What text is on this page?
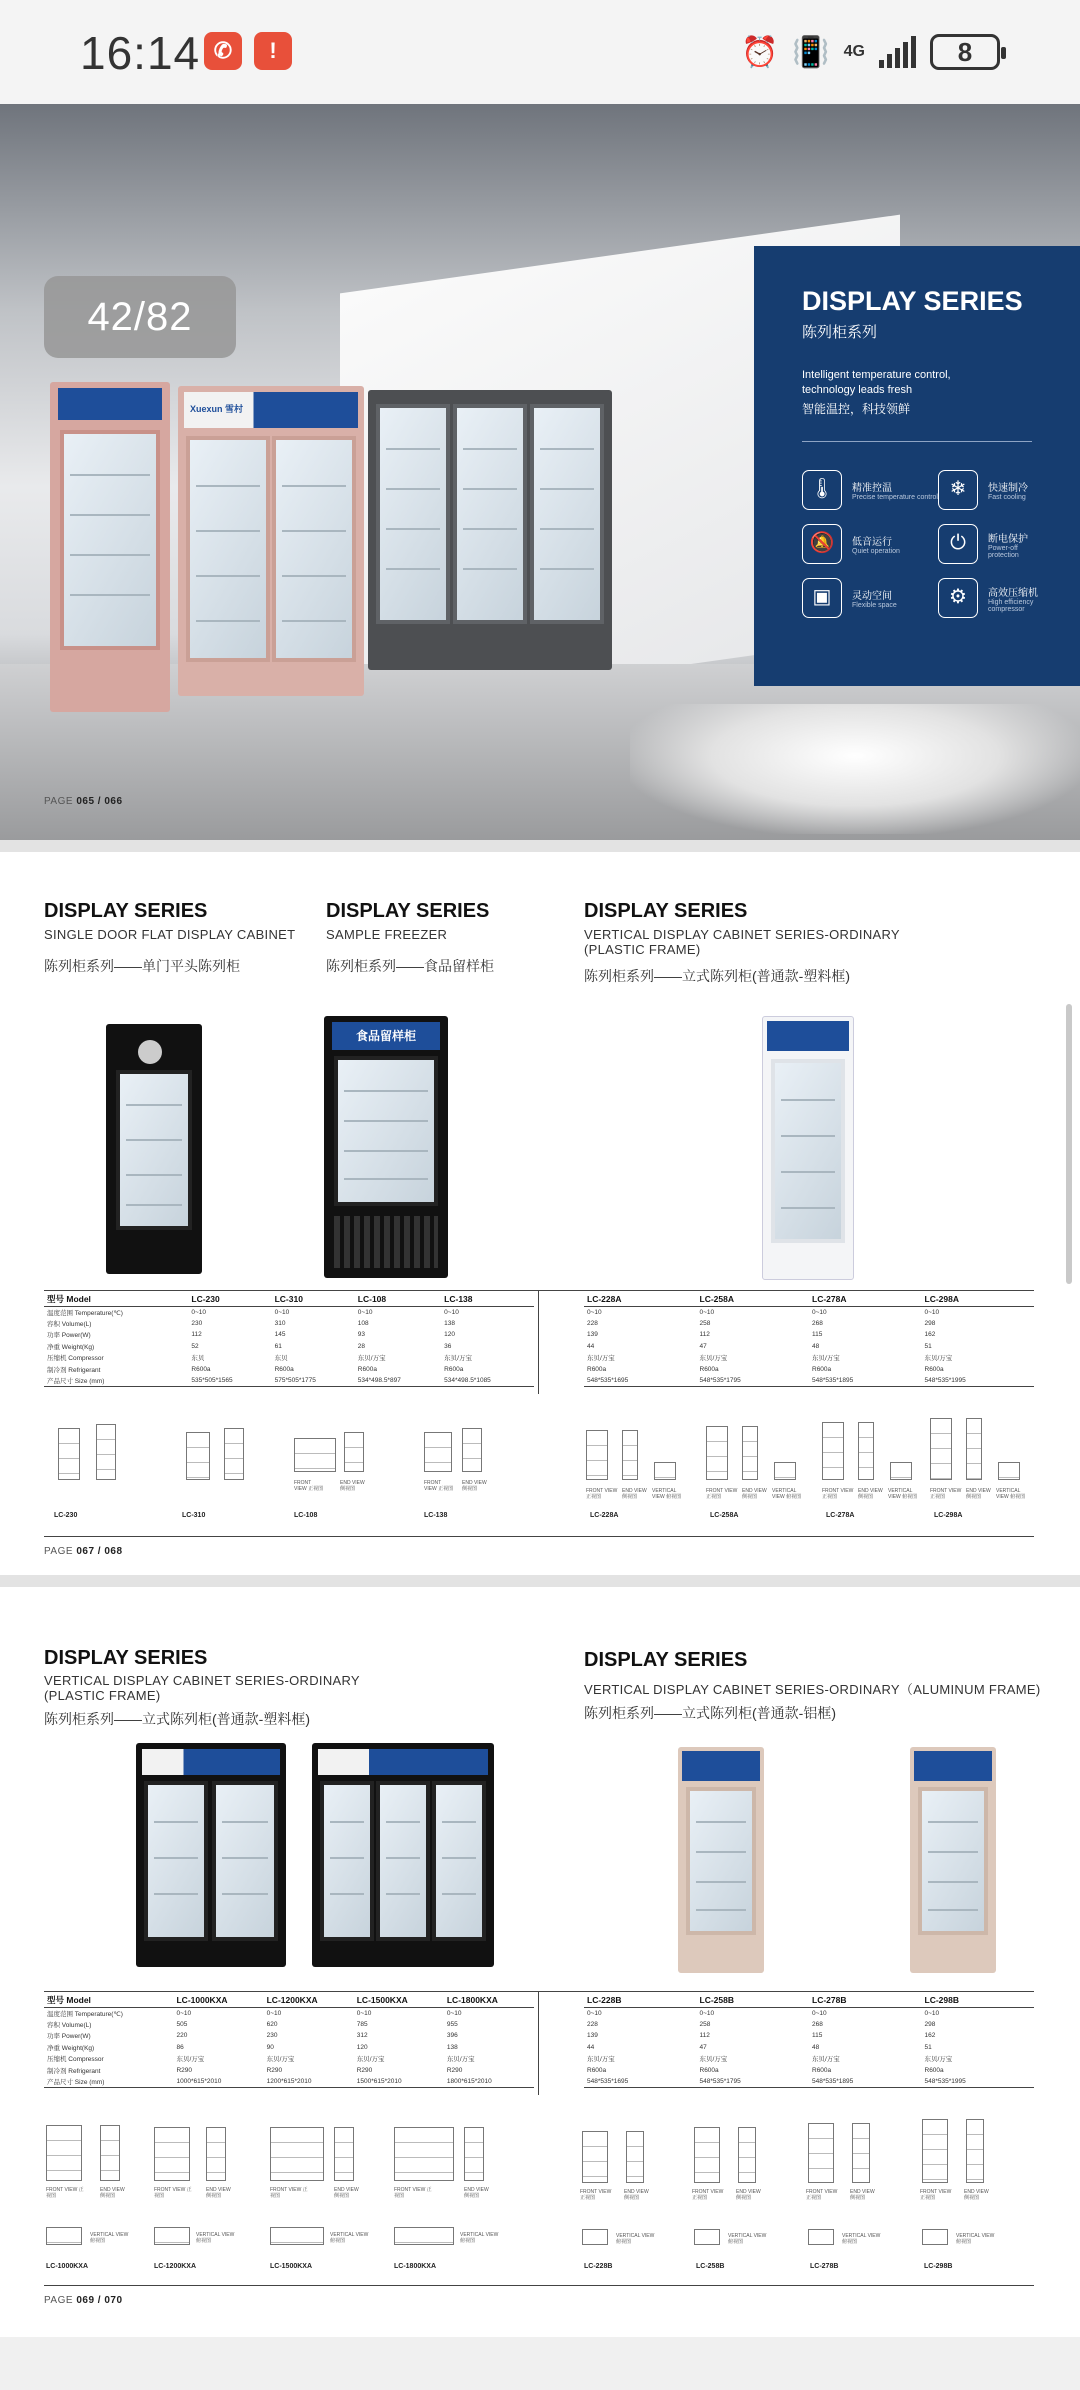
16:14 ✆	!	⏰ 📳 4G	8
Xuexun 雪村
42/82	DISPLAY SERIES
陈列柜系列
Intelligent temperature control,
technology leads fresh
智能温控，科技领鲜
🌡	精准控温
Precise temperature control ❄	快速制冷
Fast cooling
🔕	低音运行
Quiet operation	⏻	断电保护
Power-off protection
▣	灵动空间
Flexible space	⚙	高效压缩机
High efficiency compressor
PAGE 065 / 066
DISPLAY SERIES
SINGLE DOOR FLAT DISPLAY CABINET
陈列柜系列——单门平头陈列柜
DISPLAY SERIES
SAMPLE FREEZER
陈列柜系列——食品留样柜
DISPLAY SERIES
VERTICAL DISPLAY CABINET SERIES-ORDINARY
(PLASTIC FRAME)
陈列柜系列——立式陈列柜(普通款-塑料框)
食品留样柜
型号 Model	LC-230	LC-310	LC-108	LC-138
温度范围 Temperature(℃)	0~10	0~10	0~10	0~10
容积 Volume(L)	230	310	108	138
功率 Power(W)	112	145	93	120
净重 Weight(Kg)	52	61	28	36
压缩机 Compressor	东贝	东贝	东贝/万宝	东贝/万宝
制冷剂 Refrigerant	R600a	R600a	R600a	R600a
产品尺寸 Size (mm)	535*505*1565	575*505*1775	534*498.5*897	534*498.5*1085
LC-228A	LC-258A	LC-278A	LC-298A
0~10	0~10	0~10	0~10
228	258	268	298
139	112	115	162
44	47	48	51
东贝/万宝	东贝/万宝	东贝/万宝	东贝/万宝
R600a	R600a	R600a	R600a
548*535*1695	548*535*1795	548*535*1895	548*535*1995
LC-230	LC-310
FRONT VIEW 正视图
END VIEW 侧视图
LC-108
FRONT VIEW 正视图
END VIEW 侧视图
LC-138
FRONT VIEW 正视图
END VIEW 侧视图
VERTICAL VIEW 俯视图
LC-228A
FRONT VIEW 正视图
END VIEW 侧视图
VERTICAL VIEW 俯视图
LC-258A
FRONT VIEW 正视图
END VIEW 侧视图
VERTICAL VIEW 俯视图
LC-278A
FRONT VIEW 正视图
END VIEW 侧视图
VERTICAL VIEW 俯视图
LC-298A
PAGE 067 / 068
DISPLAY SERIES
VERTICAL DISPLAY CABINET SERIES-ORDINARY
(PLASTIC FRAME)
陈列柜系列——立式陈列柜(普通款-塑料框)
DISPLAY SERIES
VERTICAL DISPLAY CABINET SERIES-ORDINARY（ALUMINUM FRAME)
陈列柜系列——立式陈列柜(普通款-铝框)
型号 Model	LC-1000KXA	LC-1200KXA	LC-1500KXA	LC-1800KXA
温度范围 Temperature(℃)	0~10	0~10	0~10	0~10
容积 Volume(L)	505	620	785	955
功率 Power(W)	220	230	312	396
净重 Weight(Kg)	86	90	120	138
压缩机 Compressor	东贝/万宝	东贝/万宝	东贝/万宝	东贝/万宝
制冷剂 Refrigerant	R290	R290	R290	R290
产品尺寸 Size (mm)	1000*615*2010	1200*615*2010	1500*615*2010	1800*615*2010
LC-228B	LC-258B	LC-278B	LC-298B
0~10	0~10	0~10	0~10
228	258	268	298
139	112	115	162
44	47	48	51
东贝/万宝	东贝/万宝	东贝/万宝	东贝/万宝
R600a	R600a	R600a	R600a
548*535*1695	548*535*1795	548*535*1895	548*535*1995
FRONT VIEW 正视图
END VIEW 侧视图
VERTICAL VIEW 俯视图
LC-1000KXA
FRONT VIEW 正视图
END VIEW 侧视图
VERTICAL VIEW 俯视图
LC-1200KXA
FRONT VIEW 正视图
END VIEW 侧视图
VERTICAL VIEW 俯视图
LC-1500KXA
FRONT VIEW 正视图
END VIEW 侧视图
VERTICAL VIEW 俯视图
LC-1800KXA
FRONT VIEW 正视图
END VIEW 侧视图
VERTICAL VIEW 俯视图
LC-228B
FRONT VIEW 正视图
END VIEW 侧视图
VERTICAL VIEW 俯视图
LC-258B
FRONT VIEW 正视图
END VIEW 侧视图
VERTICAL VIEW 俯视图
LC-278B
FRONT VIEW 正视图
END VIEW 侧视图
VERTICAL VIEW 俯视图
LC-298B
PAGE 069 / 070
